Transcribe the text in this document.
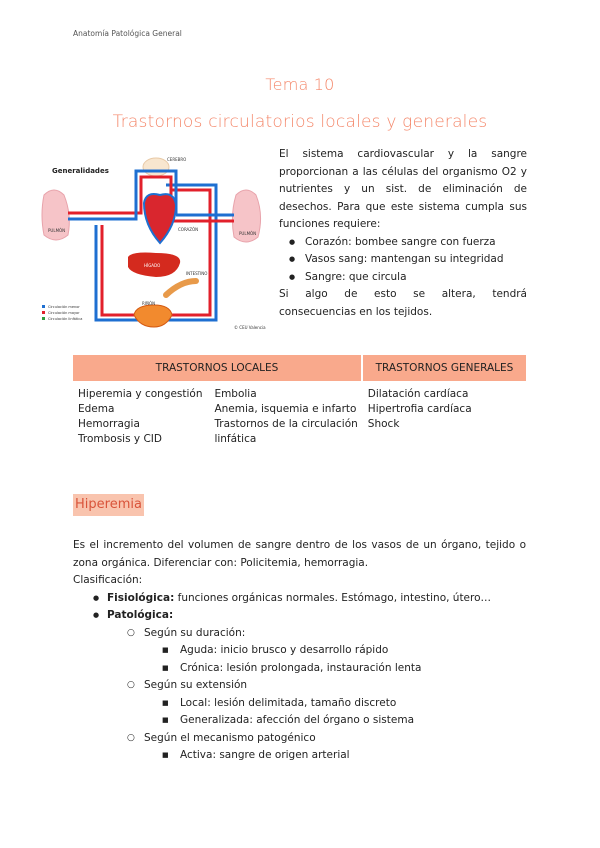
Anatomía Patológica General
Tema 10
Trastornos circulatorios locales y generales
Generalidades
CEREBRO
PULMÓN
PULMÓN
CORAZÓN
HÍGADO
INTESTINO
RIÑÓN
Circulación menor
Circulación mayor
Circulación linfática
© CEU Valencia

El sistema cardiovascular y la sangre proporcionan a las células del organismo O2 y nutrientes y un sist. de eliminación de desechos. Para que este sistema cumpla sus funciones requiere:

● Corazón: bombee sangre con fuerza
● Vasos sang: mantengan su integridad
● Sangre: que circula

Si algo de esto se altera, tendrá consecuencias en los tejidos.

TRASTORNOS LOCALES	TRASTORNOS GENERALES
Hiperemia y congestión
Edema
Hemorragia
Trombosis y CID
Embolia
Anemia, isquemia e infarto
Trastornos de la circulación linfática
Dilatación cardíaca
Hipertrofia cardíaca
Shock
Hiperemia

Es el incremento del volumen de sangre dentro de los vasos de un órgano, tejido o zona orgánica. Diferenciar con: Policitemia, hemorragia.

Clasificación:

● Fisiológica: funciones orgánicas normales. Estómago, intestino, útero…
● Patológica:
○ Según su duración:
■ Aguda: inicio brusco y desarrollo rápido
■ Crónica: lesión prolongada, instauración lenta
○ Según su extensión
■ Local: lesión delimitada, tamaño discreto
■ Generalizada: afección del órgano o sistema
○ Según el mecanismo patogénico
■ Activa: sangre de origen arterial
